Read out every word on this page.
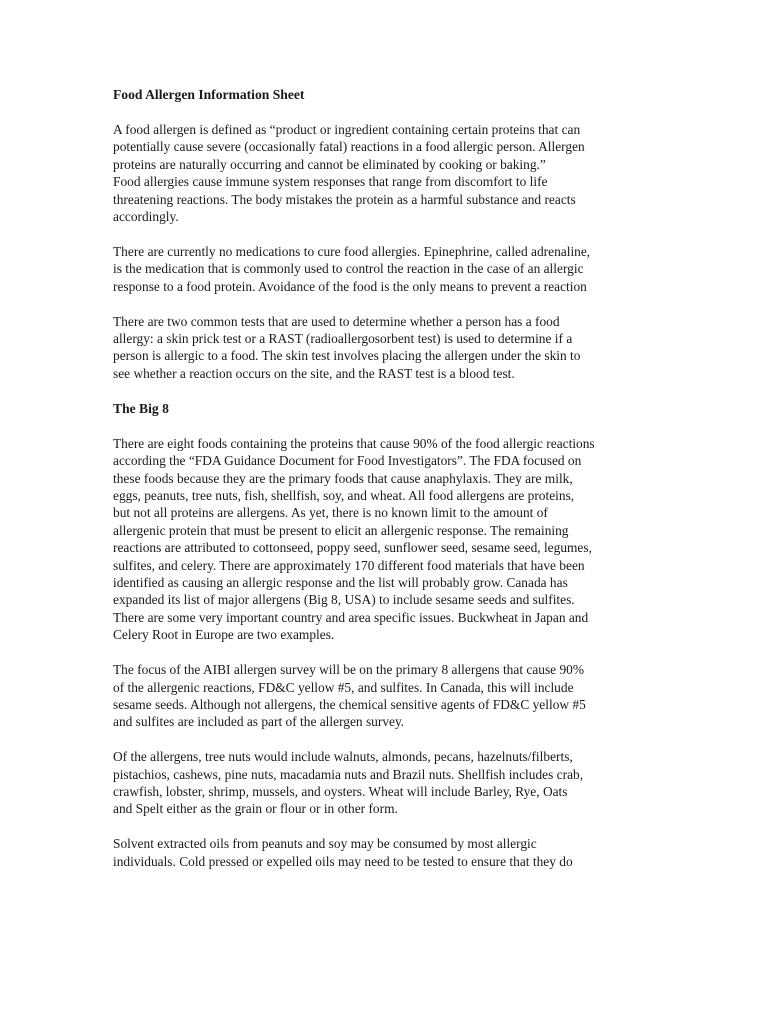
Food Allergen Information Sheet
A food allergen is defined as “product or ingredient containing certain proteins that can
potentially cause severe (occasionally fatal) reactions in a food allergic person. Allergen
proteins are naturally occurring and cannot be eliminated by cooking or baking.”
Food allergies cause immune system responses that range from discomfort to life
threatening reactions. The body mistakes the protein as a harmful substance and reacts
accordingly.
There are currently no medications to cure food allergies. Epinephrine, called adrenaline,
is the medication that is commonly used to control the reaction in the case of an allergic
response to a food protein. Avoidance of the food is the only means to prevent a reaction
There are two common tests that are used to determine whether a person has a food
allergy: a skin prick test or a RAST (radioallergosorbent test) is used to determine if a
person is allergic to a food. The skin test involves placing the allergen under the skin to
see whether a reaction occurs on the site, and the RAST test is a blood test.
The Big 8
There are eight foods containing the proteins that cause 90% of the food allergic reactions
according the “FDA Guidance Document for Food Investigators”. The FDA focused on
these foods because they are the primary foods that cause anaphylaxis. They are milk,
eggs, peanuts, tree nuts, fish, shellfish, soy, and wheat. All food allergens are proteins,
but not all proteins are allergens. As yet, there is no known limit to the amount of
allergenic protein that must be present to elicit an allergenic response. The remaining
reactions are attributed to cottonseed, poppy seed, sunflower seed, sesame seed, legumes,
sulfites, and celery. There are approximately 170 different food materials that have been
identified as causing an allergic response and the list will probably grow. Canada has
expanded its list of major allergens (Big 8, USA) to include sesame seeds and sulfites.
There are some very important country and area specific issues. Buckwheat in Japan and
Celery Root in Europe are two examples.
The focus of the AIBI allergen survey will be on the primary 8 allergens that cause 90%
of the allergenic reactions, FD&C yellow #5, and sulfites. In Canada, this will include
sesame seeds. Although not allergens, the chemical sensitive agents of FD&C yellow #5
and sulfites are included as part of the allergen survey.
Of the allergens, tree nuts would include walnuts, almonds, pecans, hazelnuts/filberts,
pistachios, cashews, pine nuts, macadamia nuts and Brazil nuts. Shellfish includes crab,
crawfish, lobster, shrimp, mussels, and oysters. Wheat will include Barley, Rye, Oats
and Spelt either as the grain or flour or in other form.
Solvent extracted oils from peanuts and soy may be consumed by most allergic
individuals. Cold pressed or expelled oils may need to be tested to ensure that they do
